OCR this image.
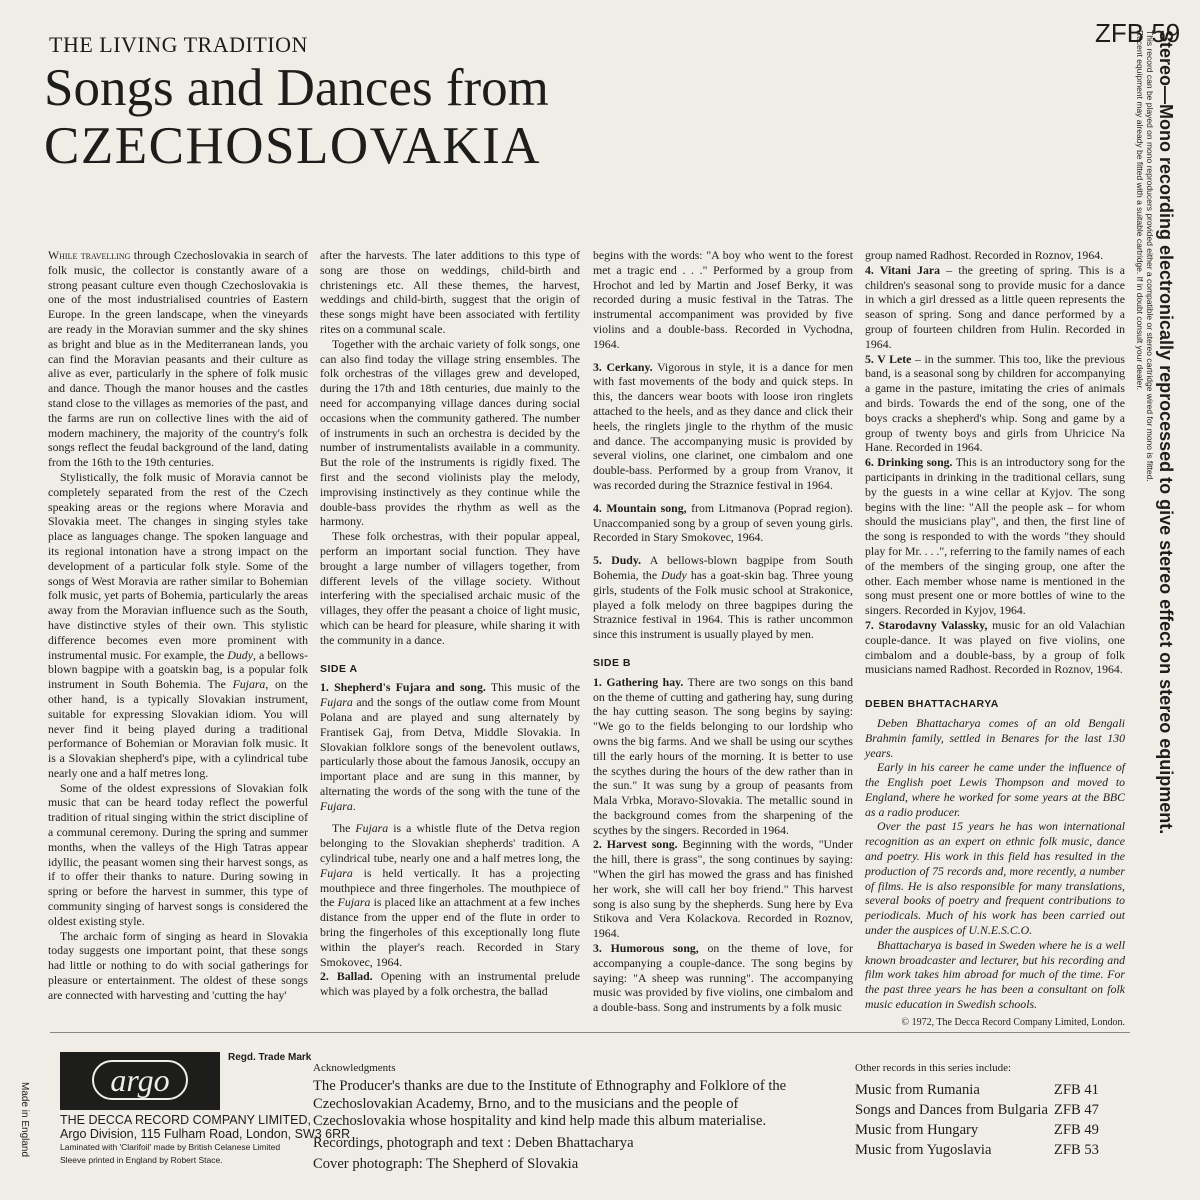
THE LIVING TRADITION
Songs and Dances from
CZECHOSLOVAKIA
ZFB 59
Stereo—Mono recording electronically reprocessed to give stereo effect on stereo equipment.
This record can be played on mono reproducers provided either a compatible or stereo cartridge wired for mono is fitted.
Recent equipment may already be fitted with a suitable cartridge. If in doubt consult your dealer.

While travelling through Czechoslovakia in search of folk music, the collector is constantly aware of a strong peasant culture even though Czechoslovakia is one of the most industrialised countries of Eastern Europe. In the green landscape, when the vineyards are ready in the Moravian summer and the sky shines as bright and blue as in the Mediterranean lands, you can find the Moravian peasants and their culture as alive as ever, particularly in the sphere of folk music and dance. Though the manor houses and the castles stand close to the villages as memories of the past, and the farms are run on collective lines with the aid of modern machinery, the majority of the country's folk songs reflect the feudal background of the land, dating from the 16th to the 19th centuries.

Stylistically, the folk music of Moravia cannot be completely separated from the rest of the Czech speaking areas or the regions where Moravia and Slovakia meet. The changes in singing styles take place as languages change. The spoken language and its regional intonation have a strong impact on the development of a particular folk style. Some of the songs of West Moravia are rather similar to Bohemian folk music, yet parts of Bohemia, particularly the areas away from the Moravian influence such as the South, have distinctive styles of their own. This stylistic difference becomes even more prominent with instrumental music. For example, the Dudy, a bellows-blown bagpipe with a goatskin bag, is a popular folk instrument in South Bohemia. The Fujara, on the other hand, is a typically Slovakian instrument, suitable for expressing Slovakian idiom. You will never find it being played during a traditional performance of Bohemian or Moravian folk music. It is a Slovakian shepherd's pipe, with a cylindrical tube nearly one and a half metres long.

Some of the oldest expressions of Slovakian folk music that can be heard today reflect the powerful tradition of ritual singing within the strict discipline of a communal ceremony. During the spring and summer months, when the valleys of the High Tatras appear idyllic, the peasant women sing their harvest songs, as if to offer their thanks to nature. During sowing in spring or before the harvest in summer, this type of community singing of harvest songs is considered the oldest existing style.

The archaic form of singing as heard in Slovakia today suggests one important point, that these songs had little or nothing to do with social gatherings for pleasure or entertainment. The oldest of these songs are connected with harvesting and 'cutting the hay'

after the harvests. The later additions to this type of song are those on weddings, child-birth and christenings etc. All these themes, the harvest, weddings and child-birth, suggest that the origin of these songs might have been associated with fertility rites on a communal scale.

Together with the archaic variety of folk songs, one can also find today the village string ensembles. The folk orchestras of the villages grew and developed, during the 17th and 18th centuries, due mainly to the need for accompanying village dances during social occasions when the community gathered. The number of instruments in such an orchestra is decided by the number of instrumentalists available in a community. But the role of the instruments is rigidly fixed. The first and the second violinists play the melody, improvising instinctively as they continue while the double-bass provides the rhythm as well as the harmony.

These folk orchestras, with their popular appeal, perform an important social function. They have brought a large number of villagers together, from different levels of the village society. Without interfering with the specialised archaic music of the villages, they offer the peasant a choice of light music, which can be heard for pleasure, while sharing it with the community in a dance.

SIDE A

1. Shepherd's Fujara and song. This music of the Fujara and the songs of the outlaw come from Mount Polana and are played and sung alternately by Frantisek Gaj, from Detva, Middle Slovakia. In Slovakian folklore songs of the benevolent outlaws, particularly those about the famous Janosik, occupy an important place and are sung in this manner, by alternating the words of the song with the tune of the Fujara.

The Fujara is a whistle flute of the Detva region belonging to the Slovakian shepherds' tradition. A cylindrical tube, nearly one and a half metres long, the Fujara is held vertically. It has a projecting mouthpiece and three fingerholes. The mouthpiece of the Fujara is placed like an attachment at a few inches distance from the upper end of the flute in order to bring the fingerholes of this exceptionally long flute within the player's reach. Recorded in Stary Smokovec, 1964.

2. Ballad. Opening with an instrumental prelude which was played by a folk orchestra, the ballad

begins with the words: "A boy who went to the forest met a tragic end . . ." Performed by a group from Hrochot and led by Martin and Josef Berky, it was recorded during a music festival in the Tatras. The instrumental accompaniment was provided by five violins and a double-bass. Recorded in Vychodna, 1964.

3. Cerkany. Vigorous in style, it is a dance for men with fast movements of the body and quick steps. In this, the dancers wear boots with loose iron ringlets attached to the heels, and as they dance and click their heels, the ringlets jingle to the rhythm of the music and dance. The accompanying music is provided by several violins, one clarinet, one cimbalom and one double-bass. Performed by a group from Vranov, it was recorded during the Straznice festival in 1964.

4. Mountain song, from Litmanova (Poprad region). Unaccompanied song by a group of seven young girls. Recorded in Stary Smokovec, 1964.

5. Dudy. A bellows-blown bagpipe from South Bohemia, the Dudy has a goat-skin bag. Three young girls, students of the Folk music school at Strakonice, played a folk melody on three bagpipes during the Straznice festival in 1964. This is rather uncommon since this instrument is usually played by men.

SIDE B

1. Gathering hay. There are two songs on this band on the theme of cutting and gathering hay, sung during the hay cutting season. The song begins by saying: "We go to the fields belonging to our lordship who owns the big farms. And we shall be using our scythes till the early hours of the morning. It is better to use the scythes during the hours of the dew rather than in the sun." It was sung by a group of peasants from Mala Vrbka, Moravo-Slovakia. The metallic sound in the background comes from the sharpening of the scythes by the singers. Recorded in 1964.

2. Harvest song. Beginning with the words, "Under the hill, there is grass", the song continues by saying: "When the girl has mowed the grass and has finished her work, she will call her boy friend." This harvest song is also sung by the shepherds. Sung here by Eva Stikova and Vera Kolackova. Recorded in Roznov, 1964.

3. Humorous song, on the theme of love, for accompanying a couple-dance. The song begins by saying: "A sheep was running". The accompanying music was provided by five violins, one cimbalom and a double-bass. Song and instruments by a folk music

group named Radhost. Recorded in Roznov, 1964.

4. Vitani Jara – the greeting of spring. This is a children's seasonal song to provide music for a dance in which a girl dressed as a little queen represents the season of spring. Song and dance performed by a group of fourteen children from Hulin. Recorded in 1964.

5. V Lete – in the summer. This too, like the previous band, is a seasonal song by children for accompanying a game in the pasture, imitating the cries of animals and birds. Towards the end of the song, one of the boys cracks a shepherd's whip. Song and game by a group of twenty boys and girls from Uhricice Na Hane. Recorded in 1964.

6. Drinking song. This is an introductory song for the participants in drinking in the traditional cellars, sung by the guests in a wine cellar at Kyjov. The song begins with the line: "All the people ask – for whom should the musicians play", and then, the first line of the song is responded to with the words "they should play for Mr. . . .", referring to the family names of each of the members of the singing group, one after the other. Each member whose name is mentioned in the song must present one or more bottles of wine to the singers. Recorded in Kyjov, 1964.

7. Starodavny Valassky, music for an old Valachian couple-dance. It was played on five violins, one cimbalom and a double-bass, by a group of folk musicians named Radhost. Recorded in Roznov, 1964.

DEBEN BHATTACHARYA

Deben Bhattacharya comes of an old Bengali Brahmin family, settled in Benares for the last 130 years.

Early in his career he came under the influence of the English poet Lewis Thompson and moved to England, where he worked for some years at the BBC as a radio producer.

Over the past 15 years he has won international recognition as an expert on ethnic folk music, dance and poetry. His work in this field has resulted in the production of 75 records and, more recently, a number of films. He is also responsible for many translations, several books of poetry and frequent contributions to periodicals. Much of his work has been carried out under the auspices of U.N.E.S.C.O.

Bhattacharya is based in Sweden where he is a well known broadcaster and lecturer, but his recording and film work takes him abroad for much of the time. For the past three years he has been a consultant on folk music education in Swedish schools.

© 1972, The Decca Record Company Limited, London.
argo
Regd. Trade Mark
Made in England THE DECCA RECORD COMPANY LIMITED,
Argo Division, 115 Fulham Road, London, SW3 6RR
Laminated with 'Clarifoil' made by British Celanese Limited
Sleeve printed in England by Robert Stace.
Acknowledgments
The Producer's thanks are due to the Institute of Ethnography and Folklore of the Czechoslovakian Academy, Brno, and to the musicians and the people of Czechoslovakia whose hospitality and kind help made this album materialise.
Recordings, photograph and text : Deben Bhattacharya
Cover photograph: The Shepherd of Slovakia
Other records in this series include:
Music from Rumania	ZFB 41
Songs and Dances from Bulgaria	ZFB 47
Music from Hungary	ZFB 49
Music from Yugoslavia	ZFB 53
